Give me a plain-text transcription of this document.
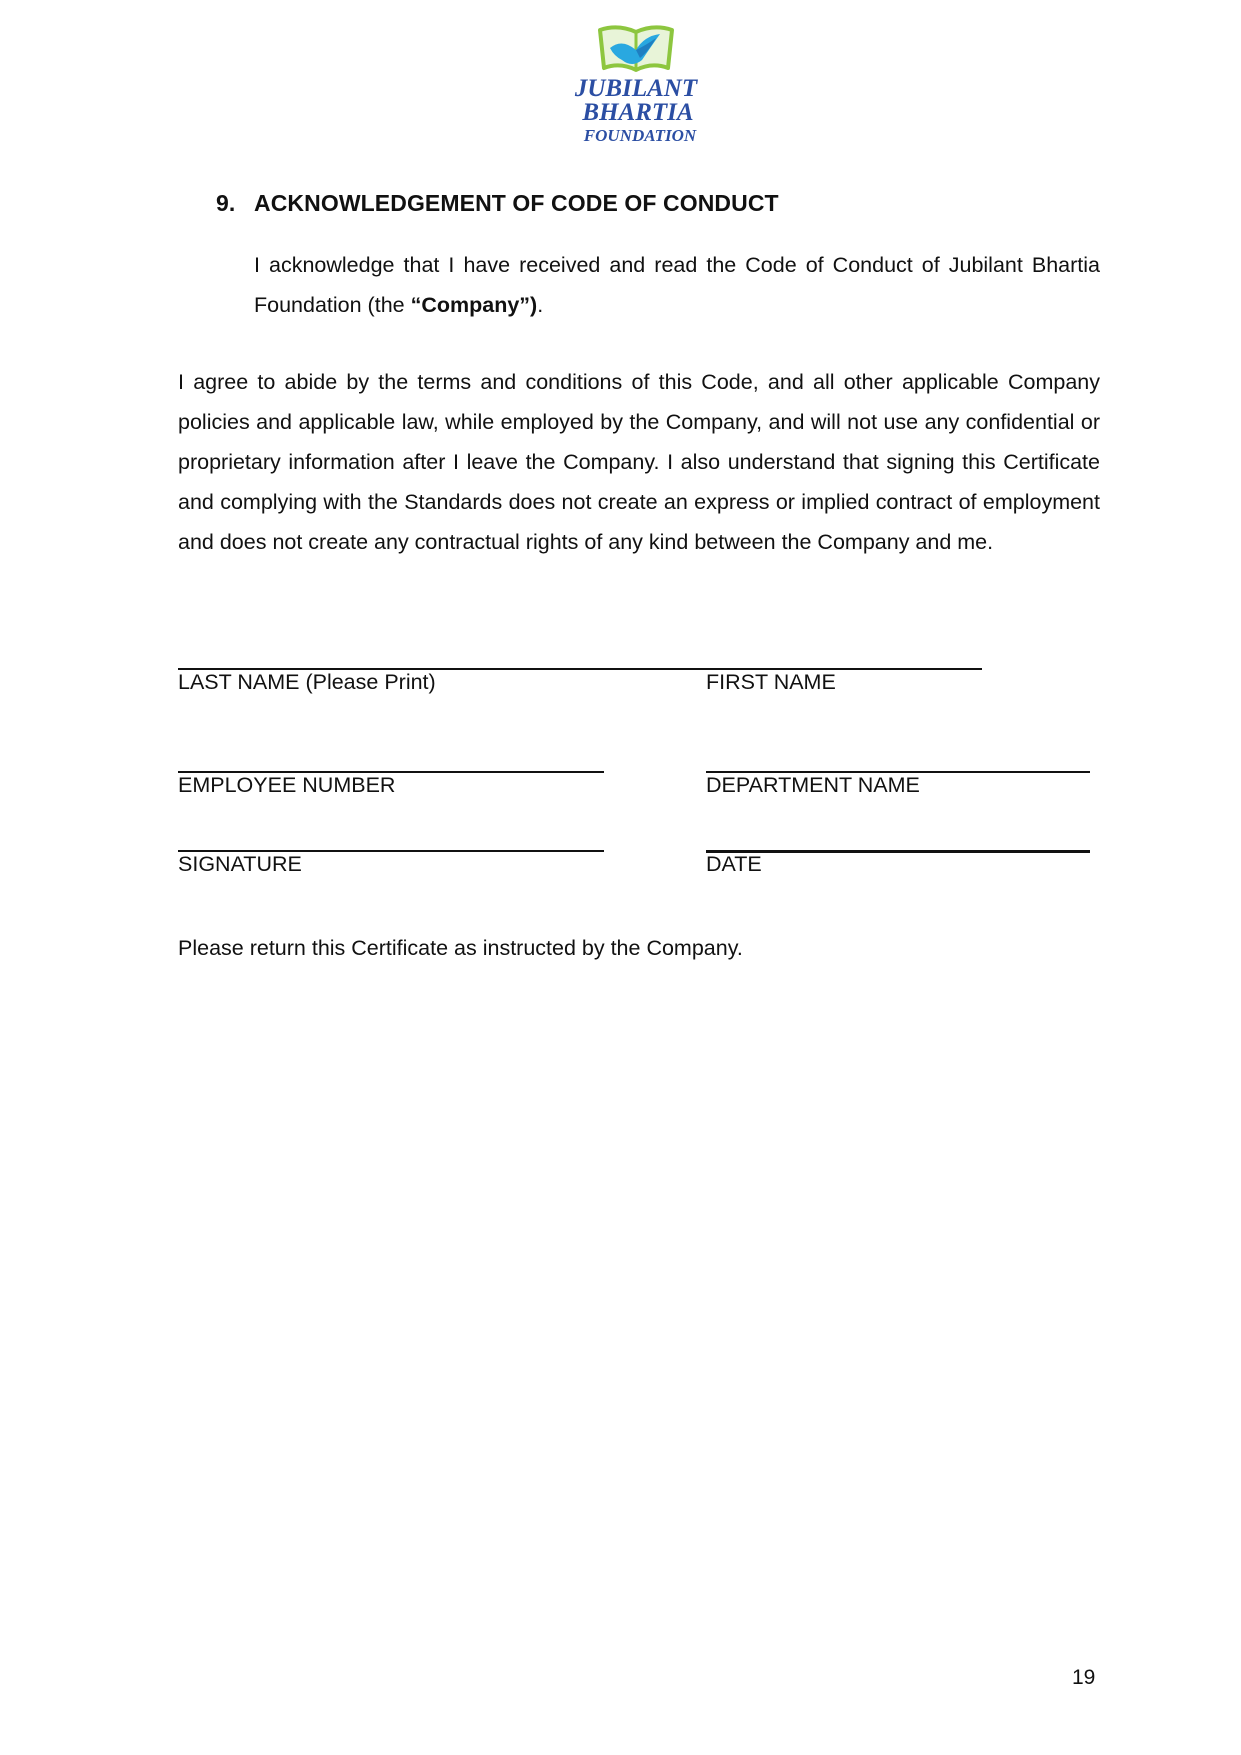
JUBILANT
BHARTIA
FOUNDATION
9. ACKNOWLEDGEMENT OF CODE OF CONDUCT
I acknowledge that I have received and read the Code of Conduct of Jubilant Bhartia Foundation (the “Company”).
I agree to abide by the terms and conditions of this Code, and all other applicable Company policies and applicable law, while employed by the Company, and will not use any confidential or proprietary information after I leave the Company. I also understand that signing this Certificate and complying with the Standards does not create an express or implied contract of employment and does not create any contractual rights of any kind between the Company and me.
LAST NAME (Please Print)	FIRST NAME
EMPLOYEE NUMBER	DEPARTMENT NAME
SIGNATURE	DATE
Please return this Certificate as instructed by the Company.
19
